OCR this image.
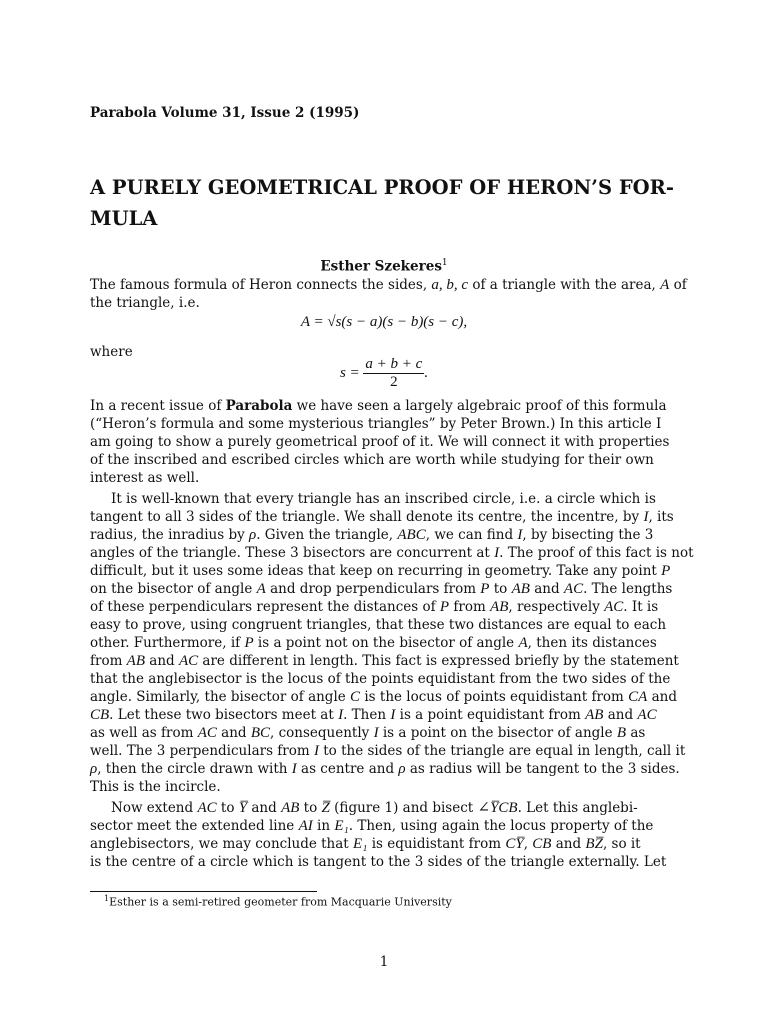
Parabola Volume 31, Issue 2 (1995)
A PURELY GEOMETRICAL PROOF OF HERON’S FOR-
MULA
Esther Szekeres$^1$
The famous formula of Heron connects the sides, a, b, c of a triangle with the area, A of
the triangle, i.e.
where
A = √s(s − a)(s − b)(s − c),
$s = \frac{a + b + c}{2}$ .
In a recent issue of Parabola we have seen a largely algebraic proof of this formula
(“Heron’s formula and some mysterious triangles” by Peter Brown.) In this article I
am going to show a purely geometrical proof of it. We will connect it with properties
of the inscribed and escribed circles which are worth while studying for their own
interest as well.
It is well-known that every triangle has an inscribed circle, i.e. a circle which is
tangent to all 3 sides of the triangle. We shall denote its centre, the incentre, by I, its
radius, the inradius by ρ. Given the triangle, ABC, we can find I, by bisecting the 3
angles of the triangle. These 3 bisectors are concurrent at I. The proof of this fact is not
difficult, but it uses some ideas that keep on recurring in geometry. Take any point P
on the bisector of angle A and drop perpendiculars from P to AB and AC. The lengths
of these perpendiculars represent the distances of P from AB, respectively AC. It is
easy to prove, using congruent triangles, that these two distances are equal to each
other. Furthermore, if P is a point not on the bisector of angle A, then its distances
from AB and AC are different in length. This fact is expressed briefly by the statement
that the anglebisector is the locus of the points equidistant from the two sides of the
angle. Similarly, the bisector of angle C is the locus of points equidistant from CA and
CB. Let these two bisectors meet at I. Then I is a point equidistant from AB and AC
as well as from AC and BC, consequently I is a point on the bisector of angle B as
well. The 3 perpendiculars from I to the sides of the triangle are equal in length, call it
ρ, then the circle drawn with I as centre and ρ as radius will be tangent to the 3 sides.
This is the incircle.
Now extend AC to Y̅ and AB to Z̅ (figure 1) and bisect ∠Y̅CB. Let this anglebi-
sector meet the extended line AI in E₁. Then, using again the locus property of the
anglebisectors, we may conclude that E₁ is equidistant from CY̅, CB and BZ̅, so it
is the centre of a circle which is tangent to the 3 sides of the triangle externally. Let
$^1$Esther is a semi-retired geometer from Macquarie University
1
